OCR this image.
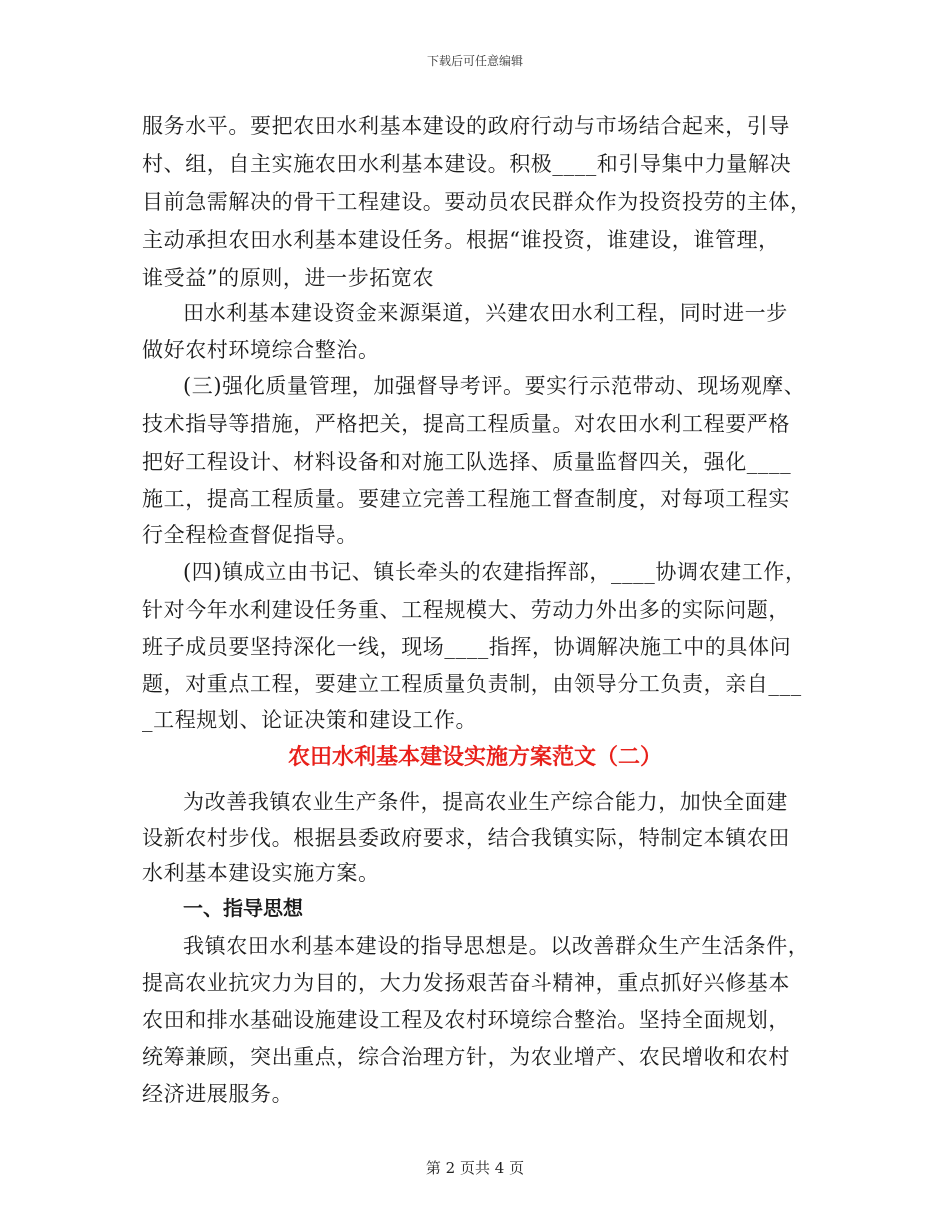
下载后可任意编辑
服务水平。要把农田水利基本建设的政府行动与市场结合起来，引导
村、组，自主实施农田水利基本建设。积极____和引导集中力量解决
目前急需解决的骨干工程建设。要动员农民群众作为投资投劳的主体，
主动承担农田水利基本建设任务。根据“谁投资，谁建设，谁管理，
谁受益”的原则，进一步拓宽农
田水利基本建设资金来源渠道，兴建农田水利工程，同时进一步
做好农村环境综合整治。
(三)强化质量管理，加强督导考评。要实行示范带动、现场观摩、
技术指导等措施，严格把关，提高工程质量。对农田水利工程要严格
把好工程设计、材料设备和对施工队选择、质量监督四关，强化____
施工，提高工程质量。要建立完善工程施工督查制度，对每项工程实
行全程检查督促指导。
(四)镇成立由书记、镇长牵头的农建指挥部，____协调农建工作，
针对今年水利建设任务重、工程规模大、劳动力外出多的实际问题，
班子成员要坚持深化一线，现场____指挥，协调解决施工中的具体问
题，对重点工程，要建立工程质量负责制，由领导分工负责，亲自___
_工程规划、论证决策和建设工作。
农田水利基本建设实施方案范文（二）
为改善我镇农业生产条件，提高农业生产综合能力，加快全面建
设新农村步伐。根据县委政府要求，结合我镇实际，特制定本镇农田
水利基本建设实施方案。
一、指导思想
我镇农田水利基本建设的指导思想是。以改善群众生产生活条件，
提高农业抗灾力为目的，大力发扬艰苦奋斗精神，重点抓好兴修基本
农田和排水基础设施建设工程及农村环境综合整治。坚持全面规划，
统筹兼顾，突出重点，综合治理方针，为农业增产、农民增收和农村
经济进展服务。
第 2 页共 4 页
